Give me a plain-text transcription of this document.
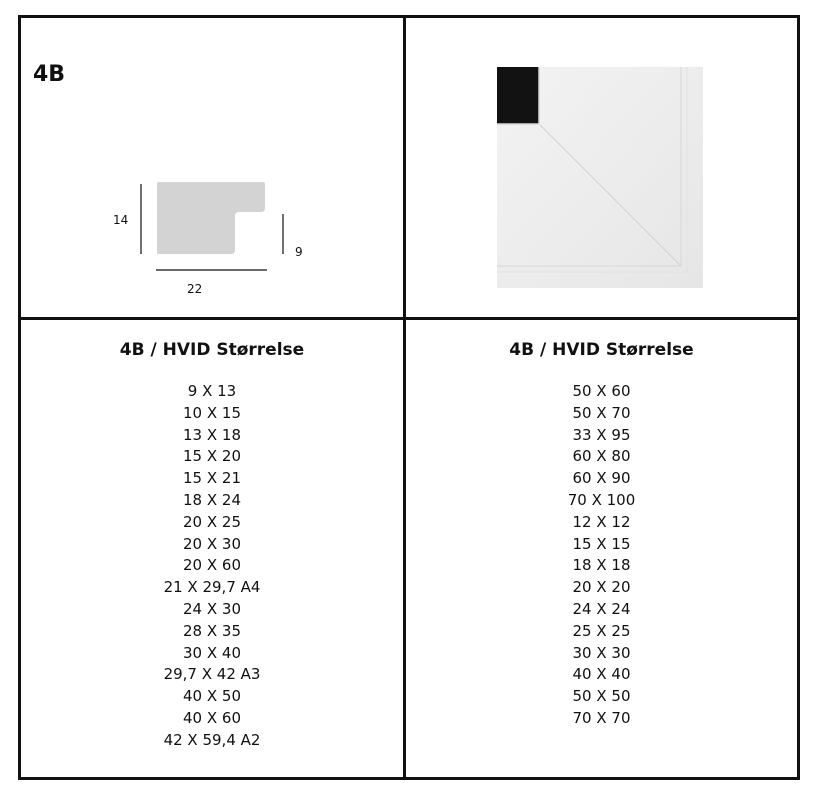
4B
14
9
22
4B / HVID Størrelse
9 X 13
10 X 15
13 X 18
15 X 20
15 X 21
18 X 24
20 X 25
20 X 30
20 X 60
21 X 29,7 A4
24 X 30
28 X 35
30 X 40
29,7 X 42 A3
40 X 50
40 X 60
42 X 59,4 A2
4B / HVID Størrelse
50 X 60
50 X 70
33 X 95
60 X 80
60 X 90
70 X 100
12 X 12
15 X 15
18 X 18
20 X 20
24 X 24
25 X 25
30 X 30
40 X 40
50 X 50
70 X 70
